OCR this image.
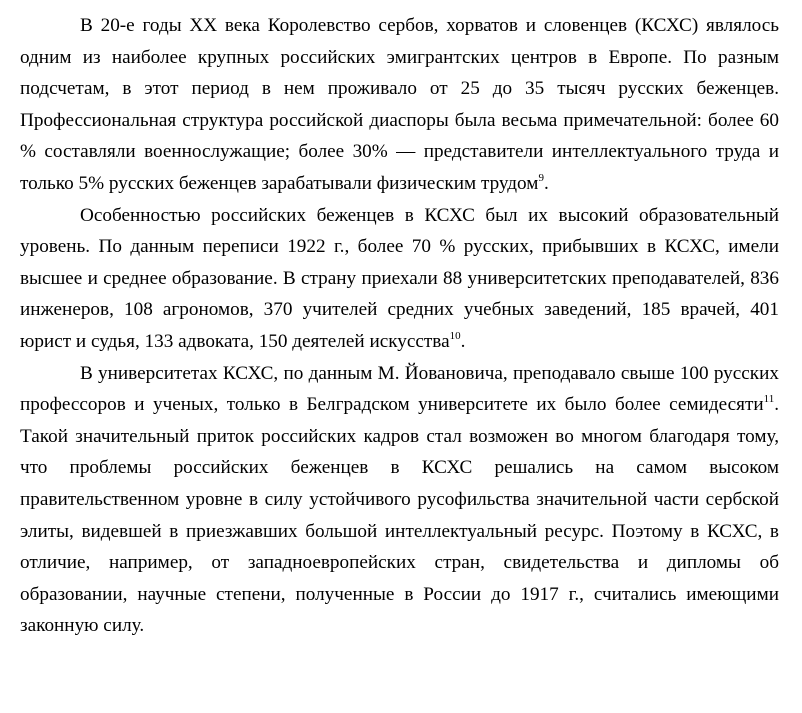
В 20-е годы XX века Королевство сербов, хорватов и словенцев (КСХС) являлось одним из наиболее крупных российских эмигрантских центров в Европе. По разным подсчетам, в этот период в нем проживало от 25 до 35 тысяч русских беженцев. Профессиональная структура российской диаспоры была весьма примечательной: более 60 % составляли военнослужащие; более 30% — представители интеллектуального труда и только 5% русских беженцев зарабатывали физическим трудом$^9$.

Особенностью российских беженцев в КСХС был их высокий образовательный уровень. По данным переписи 1922 г., более 70 % русских, прибывших в КСХС, имели высшее и среднее образование. В страну приехали 88 университетских преподавателей, 836 инженеров, 108 агрономов, 370 учителей средних учебных заведений, 185 врачей, 401 юрист и судья, 133 адвоката, 150 деятелей искусства$^{10}$.

В университетах КСХС, по данным М. Йовановича, преподавало свыше 100 русских профессоров и ученых, только в Белградском университете их было более семидесяти$^{11}$. Такой значительный приток российских кадров стал возможен во многом благодаря тому, что проблемы российских беженцев в КСХС решались на самом высоком правительственном уровне в силу устойчивого русофильства значительной части сербской элиты, видевшей в приезжавших большой интеллектуальный ресурс. Поэтому в КСХС, в отличие, например, от западноевропейских стран, свидетельства и дипломы об образовании, научные степени, полученные в России до 1917 г., считались имеющими законную силу.
